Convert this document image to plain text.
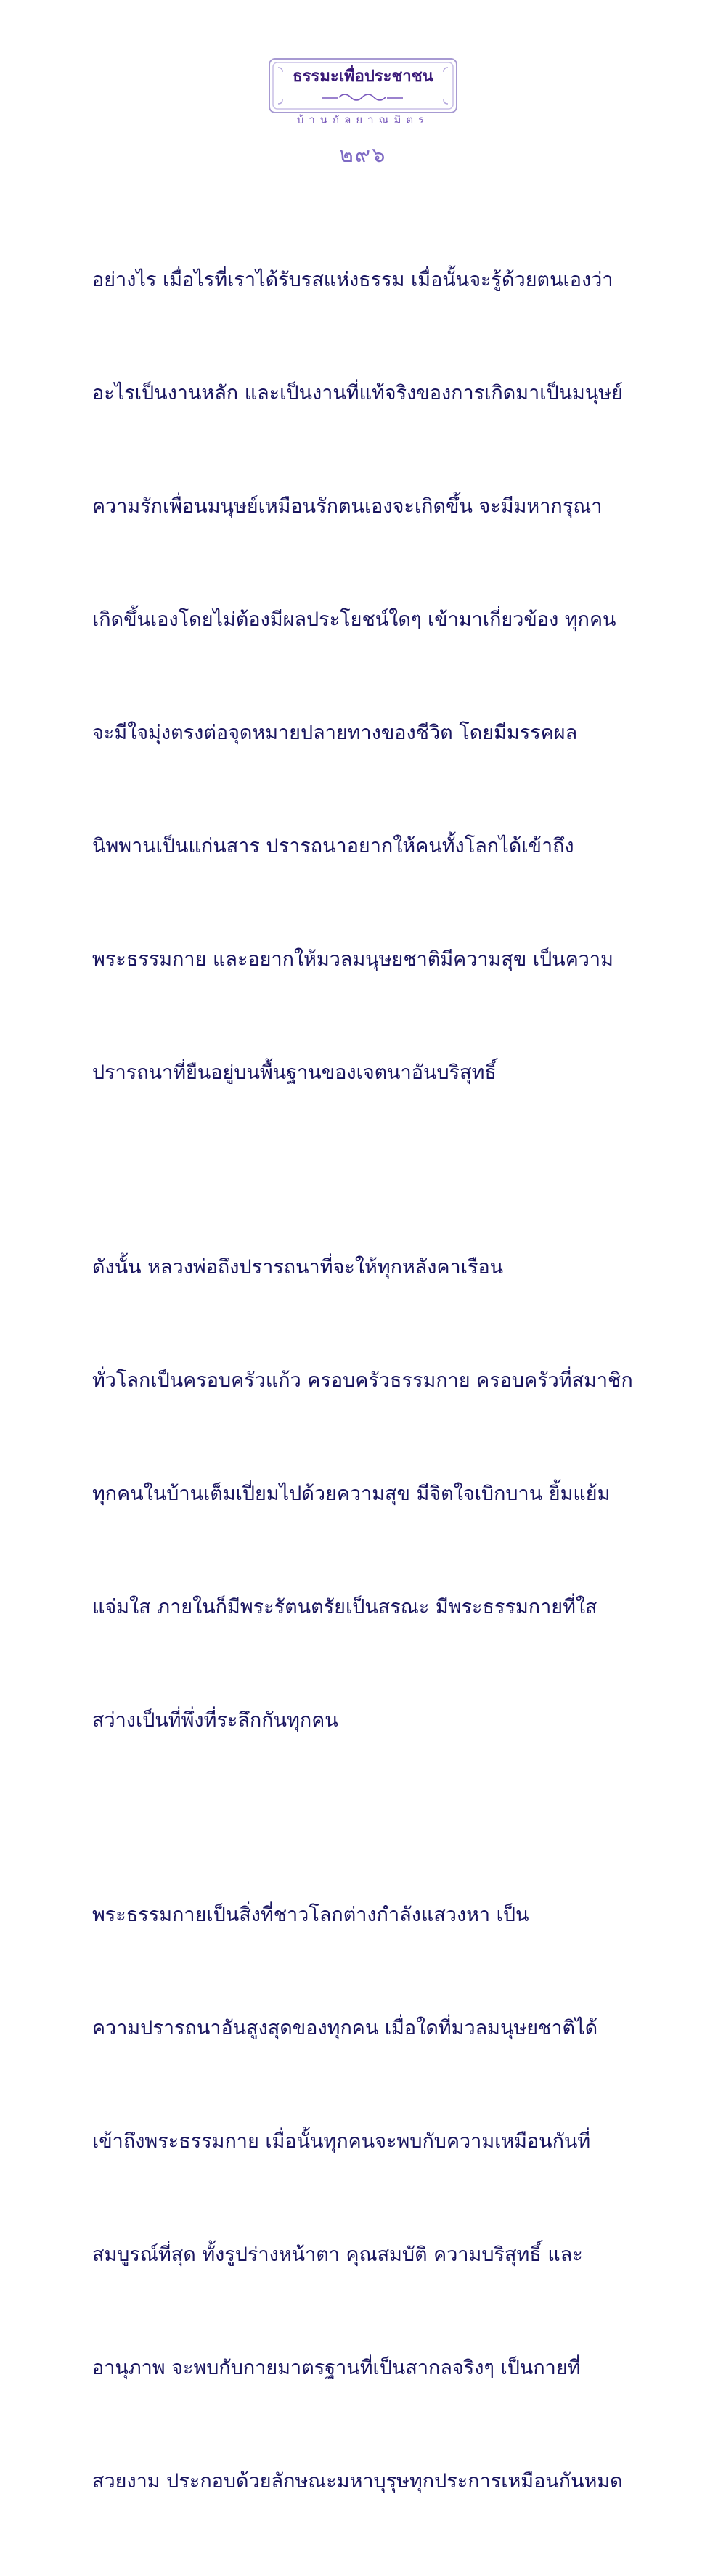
ธรรมะเพื่อประชาชน
บ้านกัลยาณมิตร
๒๙๖

อย่างไร เมื่อไรที่เราได้รับรสแห่งธรรม เมื่อนั้นจะรู้ด้วยตนเองว่า

อะไรเป็นงานหลัก และเป็นงานที่แท้จริงของการเกิดมาเป็นมนุษย์

ความรักเพื่อนมนุษย์เหมือนรักตนเองจะเกิดขึ้น จะมีมหากรุณา

เกิดขึ้นเองโดยไม่ต้องมีผลประโยชน์ใดๆ เข้ามาเกี่ยวข้อง ทุกคน

จะมีใจมุ่งตรงต่อจุดหมายปลายทางของชีวิต โดยมีมรรคผล

นิพพานเป็นแก่นสาร ปรารถนาอยากให้คนทั้งโลกได้เข้าถึง

พระธรรมกาย และอยากให้มวลมนุษยชาติมีความสุข เป็นความ

ปรารถนาที่ยืนอยู่บนพื้นฐานของเจตนาอันบริสุทธิ์

ดังนั้น หลวงพ่อถึงปรารถนาที่จะให้ทุกหลังคาเรือน

ทั่วโลกเป็นครอบครัวแก้ว ครอบครัวธรรมกาย ครอบครัวที่สมาชิก

ทุกคนในบ้านเต็มเปี่ยมไปด้วยความสุข มีจิตใจเบิกบาน ยิ้มแย้ม

แจ่มใส ภายในก็มีพระรัตนตรัยเป็นสรณะ มีพระธรรมกายที่ใส

สว่างเป็นที่พึ่งที่ระลึกกันทุกคน

พระธรรมกายเป็นสิ่งที่ชาวโลกต่างกำลังแสวงหา เป็น

ความปรารถนาอันสูงสุดของทุกคน เมื่อใดที่มวลมนุษยชาติได้

เข้าถึงพระธรรมกาย เมื่อนั้นทุกคนจะพบกับความเหมือนกันที่

สมบูรณ์ที่สุด ทั้งรูปร่างหน้าตา คุณสมบัติ ความบริสุทธิ์ และ

อานุภาพ จะพบกับกายมาตรฐานที่เป็นสากลจริงๆ เป็นกายที่

สวยงาม ประกอบด้วยลักษณะมหาบุรุษทุกประการเหมือนกันหมด
